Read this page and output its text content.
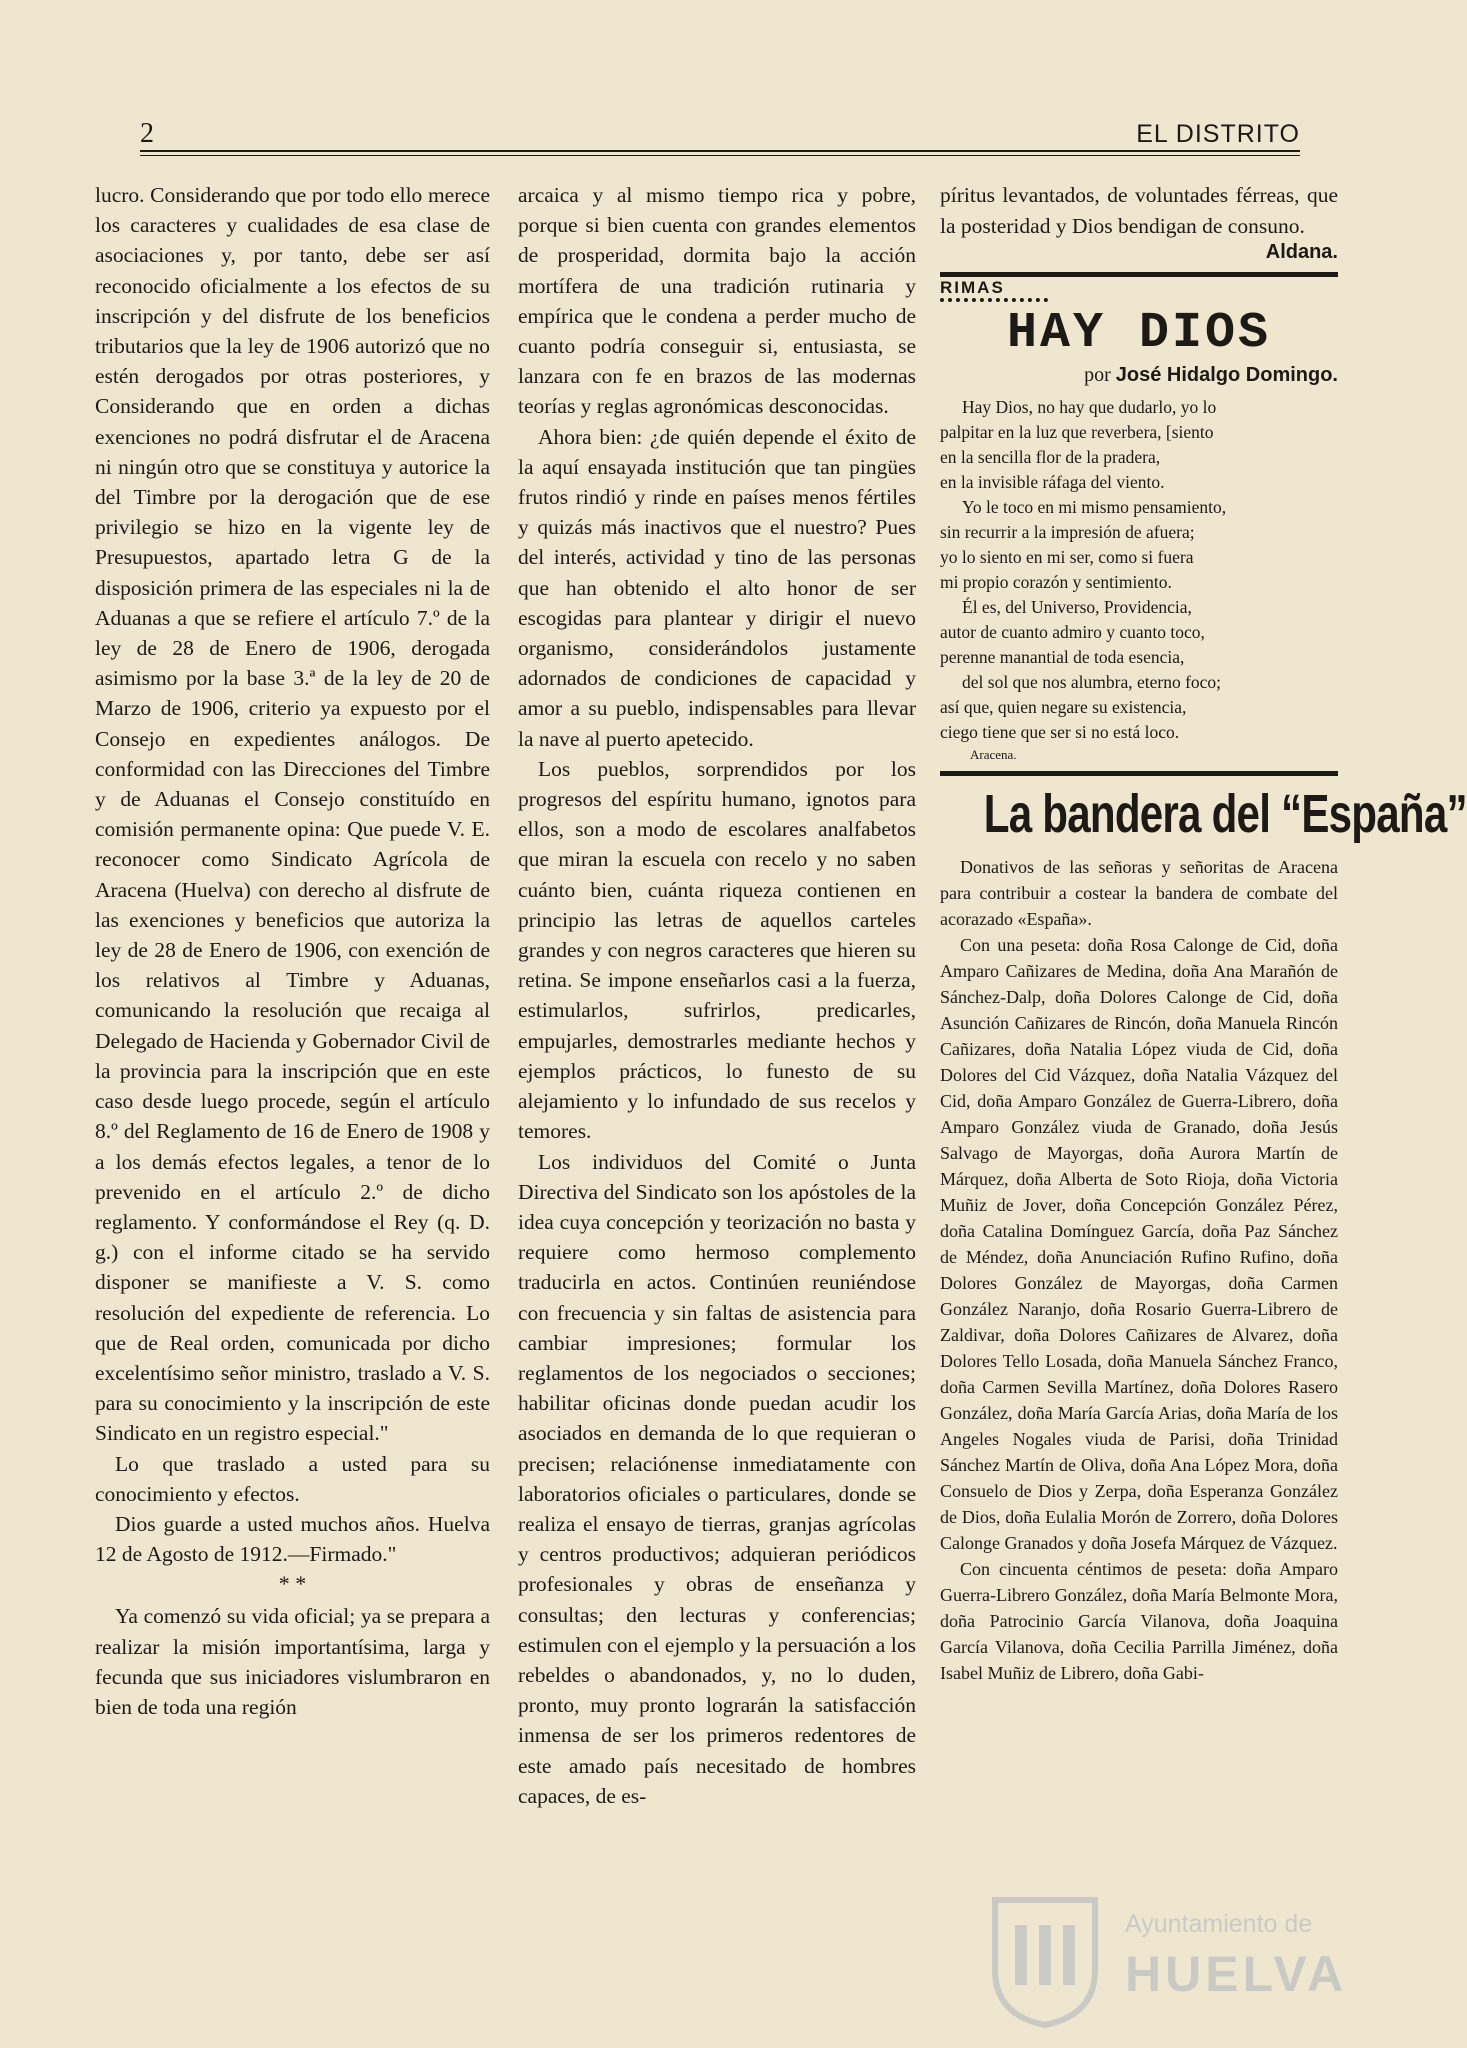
2	EL DISTRITO

lucro. Considerando que por todo ello merece los caracteres y cualidades de esa clase de asociaciones y, por tanto, debe ser así reconocido oficialmente a los efectos de su inscripción y del disfrute de los beneficios tributarios que la ley de 1906 autorizó que no estén derogados por otras posteriores, y Considerando que en orden a dichas exenciones no podrá disfrutar el de Aracena ni ningún otro que se constituya y autorice la del Timbre por la derogación que de ese privilegio se hizo en la vigente ley de Presupuestos, apartado letra G de la disposición primera de las especiales ni la de Aduanas a que se refiere el artículo 7.º de la ley de 28 de Enero de 1906, derogada asimismo por la base 3.ª de la ley de 20 de Marzo de 1906, criterio ya expuesto por el Consejo en expedientes análogos. De conformidad con las Direcciones del Timbre y de Aduanas el Consejo constituído en comisión permanente opina: Que puede V. E. reconocer como Sindicato Agrícola de Aracena (Huelva) con derecho al disfrute de las exenciones y beneficios que autoriza la ley de 28 de Enero de 1906, con exención de los relativos al Timbre y Aduanas, comunicando la resolución que recaiga al Delegado de Hacienda y Gobernador Civil de la provincia para la inscripción que en este caso desde luego procede, según el artículo 8.º del Reglamento de 16 de Enero de 1908 y a los demás efectos legales, a tenor de lo prevenido en el artículo 2.º de dicho reglamento. Y conformándose el Rey (q. D. g.) con el informe citado se ha servido disponer se manifieste a V. S. como resolución del expediente de referencia. Lo que de Real orden, comunicada por dicho excelentísimo señor ministro, traslado a V. S. para su conocimiento y la inscripción de este Sindicato en un registro especial."

Lo que traslado a usted para su conocimiento y efectos.

Dios guarde a usted muchos años. Huelva 12 de Agosto de 1912.—Firmado."

* *

Ya comenzó su vida oficial; ya se prepara a realizar la misión importantísima, larga y fecunda que sus iniciadores vislumbraron en bien de toda una región

arcaica y al mismo tiempo rica y pobre, porque si bien cuenta con grandes elementos de prosperidad, dormita bajo la acción mortífera de una tradición rutinaria y empírica que le condena a perder mucho de cuanto podría conseguir si, entusiasta, se lanzara con fe en brazos de las modernas teorías y reglas agronómicas desconocidas.

Ahora bien: ¿de quién depende el éxito de la aquí ensayada institución que tan pingües frutos rindió y rinde en países menos fértiles y quizás más inactivos que el nuestro? Pues del interés, actividad y tino de las personas que han obtenido el alto honor de ser escogidas para plantear y dirigir el nuevo organismo, considerándolos justamente adornados de condiciones de capacidad y amor a su pueblo, indispensables para llevar la nave al puerto apetecido.

Los pueblos, sorprendidos por los progresos del espíritu humano, ignotos para ellos, son a modo de escolares analfabetos que miran la escuela con recelo y no saben cuánto bien, cuánta riqueza contienen en principio las letras de aquellos carteles grandes y con negros caracteres que hieren su retina. Se impone enseñarlos casi a la fuerza, estimularlos, sufrirlos, predicarles, empujarles, demostrarles mediante hechos y ejemplos prácticos, lo funesto de su alejamiento y lo infundado de sus recelos y temores.

Los individuos del Comité o Junta Directiva del Sindicato son los apóstoles de la idea cuya concepción y teorización no basta y requiere como hermoso complemento traducirla en actos. Continúen reuniéndose con frecuencia y sin faltas de asistencia para cambiar impresiones; formular los reglamentos de los negociados o secciones; habilitar oficinas donde puedan acudir los asociados en demanda de lo que requieran o precisen; relaciónense inmediatamente con laboratorios oficiales o particulares, donde se realiza el ensayo de tierras, granjas agrícolas y centros productivos; adquieran periódicos profesionales y obras de enseñanza y consultas; den lecturas y conferencias; estimulen con el ejemplo y la persuación a los rebeldes o abandonados, y, no lo duden, pronto, muy pronto lograrán la satisfacción inmensa de ser los primeros redentores de este amado país necesitado de hombres capaces, de es-

píritus levantados, de voluntades férreas, que la posteridad y Dios bendigan de consuno.

Aldana.
RIMAS
HAY DIOS
por José Hidalgo Domingo.
Hay Dios, no hay que dudarlo, yo lo
palpitar en la luz que reverbera, [siento
en la sencilla flor de la pradera,
en la invisible ráfaga del viento.
Yo le toco en mi mismo pensamiento,
sin recurrir a la impresión de afuera;
yo lo siento en mi ser, como si fuera
mi propio corazón y sentimiento.
Él es, del Universo, Providencia,
autor de cuanto admiro y cuanto toco,
perenne manantial de toda esencia,
del sol que nos alumbra, eterno foco;
así que, quien negare su existencia,
ciego tiene que ser si no está loco.
Aracena.
La bandera del “España”

Donativos de las señoras y señoritas de Aracena para contribuir a costear la bandera de combate del acorazado «España».

Con una peseta: doña Rosa Calonge de Cid, doña Amparo Cañizares de Medina, doña Ana Marañón de Sánchez-Dalp, doña Dolores Calonge de Cid, doña Asunción Cañizares de Rincón, doña Manuela Rincón Cañizares, doña Natalia López viuda de Cid, doña Dolores del Cid Vázquez, doña Natalia Vázquez del Cid, doña Amparo González de Guerra-Librero, doña Amparo González viuda de Granado, doña Jesús Salvago de Mayorgas, doña Aurora Martín de Márquez, doña Alberta de Soto Rioja, doña Victoria Muñiz de Jover, doña Concepción González Pérez, doña Catalina Domínguez García, doña Paz Sánchez de Méndez, doña Anunciación Rufino Rufino, doña Dolores González de Mayorgas, doña Carmen González Naranjo, doña Rosario Guerra-Librero de Zaldivar, doña Dolores Cañizares de Alvarez, doña Dolores Tello Losada, doña Manuela Sánchez Franco, doña Carmen Sevilla Martínez, doña Dolores Rasero González, doña María García Arias, doña María de los Angeles Nogales viuda de Parisi, doña Trinidad Sánchez Martín de Oliva, doña Ana López Mora, doña Consuelo de Dios y Zerpa, doña Esperanza González de Dios, doña Eulalia Morón de Zorrero, doña Dolores Calonge Granados y doña Josefa Márquez de Vázquez.

Con cincuenta céntimos de peseta: doña Amparo Guerra-Librero González, doña María Belmonte Mora, doña Patrocinio García Vilanova, doña Joaquina García Vilanova, doña Cecilia Parrilla Jiménez, doña Isabel Muñiz de Librero, doña Gabi-

Ayuntamiento de
HUELVA
